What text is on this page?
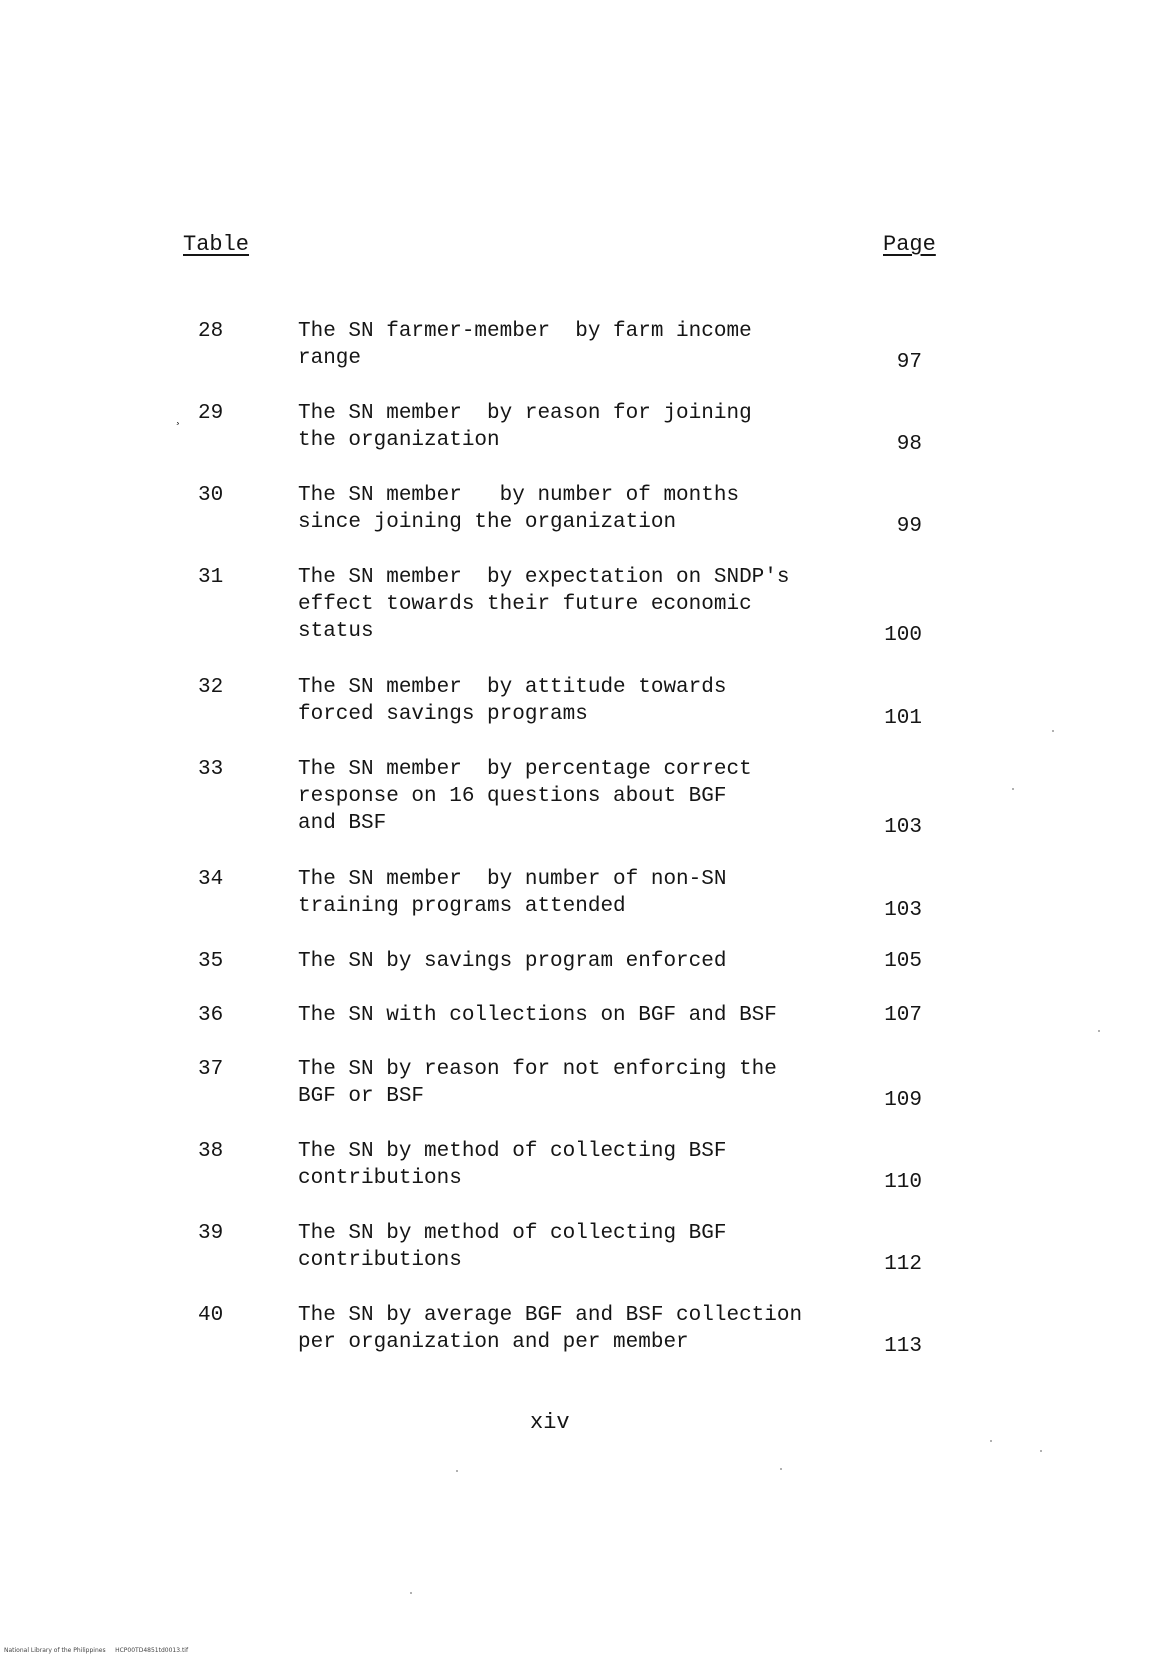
Table	Page
¸
28	The SN farmer-member  by farm income
range	97
29	The SN member  by reason for joining
the organization	98
30	The SN member   by number of months
since joining the organization	99
31	The SN member  by expectation on SNDP's
effect towards their future economic
status	100
32	The SN member  by attitude towards
forced savings programs	101
33	The SN member  by percentage correct
response on 16 questions about BGF
and BSF	103
34	The SN member  by number of non-SN
training programs attended	103
35	The SN by savings program enforced	105
36	The SN with collections on BGF and BSF	107
37	The SN by reason for not enforcing the
BGF or BSF	109
38	The SN by method of collecting BSF
contributions	110
39	The SN by method of collecting BGF
contributions	112
40	The SN by average BGF and BSF collection
per organization and per member	113
xiv
National Library of the Philippines     HCP00TD4851td0013.tif
